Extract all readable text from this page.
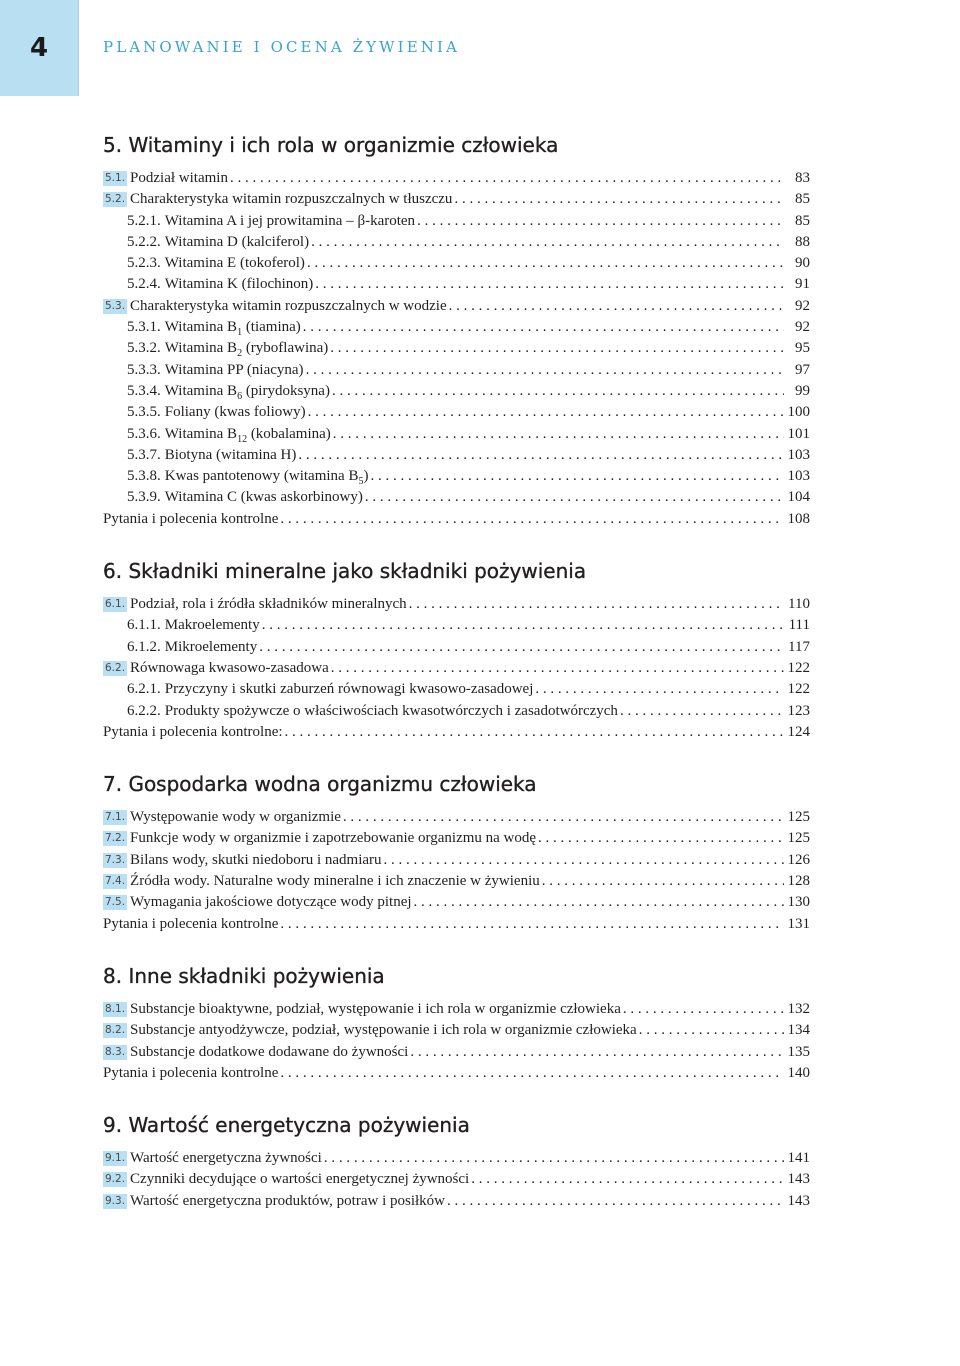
4	PLANOWANIE I OCENA ŻYWIENIA
5. Witaminy i ich rola w organizmie człowieka
5.1. Podział witamin . . .	83
5.2. Charakterystyka witamin rozpuszczalnych w tłuszczu . . .	85
5.2.1. Witamina A i jej prowitamina – β-karoten . . .	85
5.2.2. Witamina D (kalciferol) . . .	88
5.2.3. Witamina E (tokoferol) . . .	90
5.2.4. Witamina K (filochinon) . . .	91
5.3. Charakterystyka witamin rozpuszczalnych w wodzie . . .	92
5.3.1. Witamina $B_1$ (tiamina) . . .	92
5.3.2. Witamina $B_2$ (ryboflawina) . . .	95
5.3.3. Witamina PP (niacyna) . . .	97
5.3.4. Witamina $B_6$ (pirydoksyna) . . .	99
5.3.5. Foliany (kwas foliowy) . . .	100
5.3.6. Witamina $B_{12}$ (kobalamina) . . .	101
5.3.7. Biotyna (witamina H) . . .	103
5.3.8. Kwas pantotenowy (witamina $B_5$) . . .	103
5.3.9. Witamina C (kwas askorbinowy) . . .	104
Pytania i polecenia kontrolne . . .	108
6. Składniki mineralne jako składniki pożywienia
6.1. Podział, rola i źródła składników mineralnych . . .	110
6.1.1. Makroelementy . . .	111
6.1.2. Mikroelementy . . .	117
6.2. Równowaga kwasowo-zasadowa . . .	122
6.2.1. Przyczyny i skutki zaburzeń równowagi kwasowo-zasadowej . . .	122
6.2.2. Produkty spożywcze o właściwościach kwasotwórczych i zasadotwórczych . . .	123
Pytania i polecenia kontrolne: . . .	124
7. Gospodarka wodna organizmu człowieka
7.1. Występowanie wody w organizmie . . .	125
7.2. Funkcje wody w organizmie i zapotrzebowanie organizmu na wodę . . .	125
7.3. Bilans wody, skutki niedoboru i nadmiaru . . .	126
7.4. Źródła wody. Naturalne wody mineralne i ich znaczenie w żywieniu . . .	128
7.5. Wymagania jakościowe dotyczące wody pitnej . . .	130
Pytania i polecenia kontrolne . . .	131
8. Inne składniki pożywienia
8.1. Substancje bioaktywne, podział, występowanie i ich rola w organizmie człowieka . . .	132
8.2. Substancje antyodżywcze, podział, występowanie i ich rola w organizmie człowieka . . .	134
8.3. Substancje dodatkowe dodawane do żywności . . .	135
Pytania i polecenia kontrolne . . .	140
9. Wartość energetyczna pożywienia
9.1. Wartość energetyczna żywności . . .	141
9.2. Czynniki decydujące o wartości energetycznej żywności . . .	143
9.3. Wartość energetyczna produktów, potraw i posiłków . . .	143
